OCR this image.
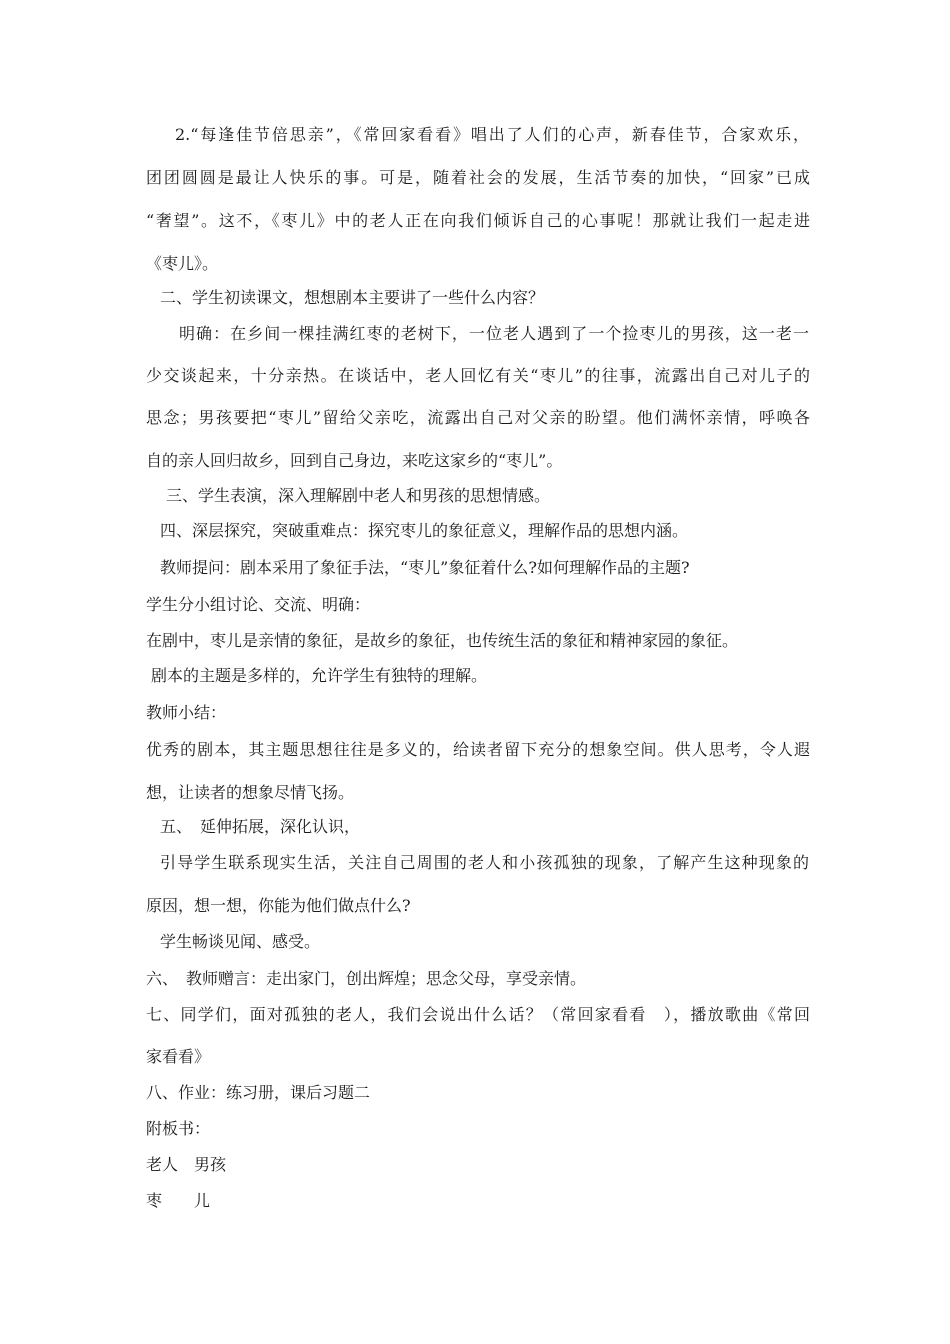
2.“每逢佳节倍思亲”，《常回家看看》唱出了人们的心声，新春佳节，合家欢乐，
团团圆圆是最让人快乐的事。可是，随着社会的发展，生活节奏的加快，“回家”已成
“奢望”。这不，《枣儿》中的老人正在向我们倾诉自己的心事呢！那就让我们一起走进
《枣儿》。
二、学生初读课文，想想剧本主要讲了一些什么内容？
明确：在乡间一棵挂满红枣的老树下，一位老人遇到了一个捡枣儿的男孩，这一老一
少交谈起来，十分亲热。在谈话中，老人回忆有关“枣儿”的往事，流露出自己对儿子的
思念；男孩要把“枣儿”留给父亲吃，流露出自己对父亲的盼望。他们满怀亲情，呼唤各
自的亲人回归故乡，回到自己身边，来吃这家乡的“枣儿”。
三、学生表演，深入理解剧中老人和男孩的思想情感。
四、深层探究，突破重难点：探究枣儿的象征意义，理解作品的思想内涵。
教师提问：剧本采用了象征手法，“枣儿”象征着什么?如何理解作品的主题?
学生分小组讨论、交流、明确：
在剧中，枣儿是亲情的象征，是故乡的象征，也传统生活的象征和精神家园的象征。
剧本的主题是多样的，允许学生有独特的理解。
教师小结：
优秀的剧本，其主题思想往往是多义的，给读者留下充分的想象空间。供人思考，令人遐
想，让读者的想象尽情飞扬。
五、　延伸拓展，深化认识，
引导学生联系现实生活，关注自己周围的老人和小孩孤独的现象，了解产生这种现象的
原因，想一想，你能为他们做点什么?
学生畅谈见闻、感受。
六、　教师赠言：走出家门，创出辉煌；思念父母，享受亲情。
七、同学们，面对孤独的老人，我们会说出什么话？（常回家看看　），播放歌曲《常回
家看看》
八、作业：练习册，课后习题二
附板书：
老人　男孩
枣　　儿
